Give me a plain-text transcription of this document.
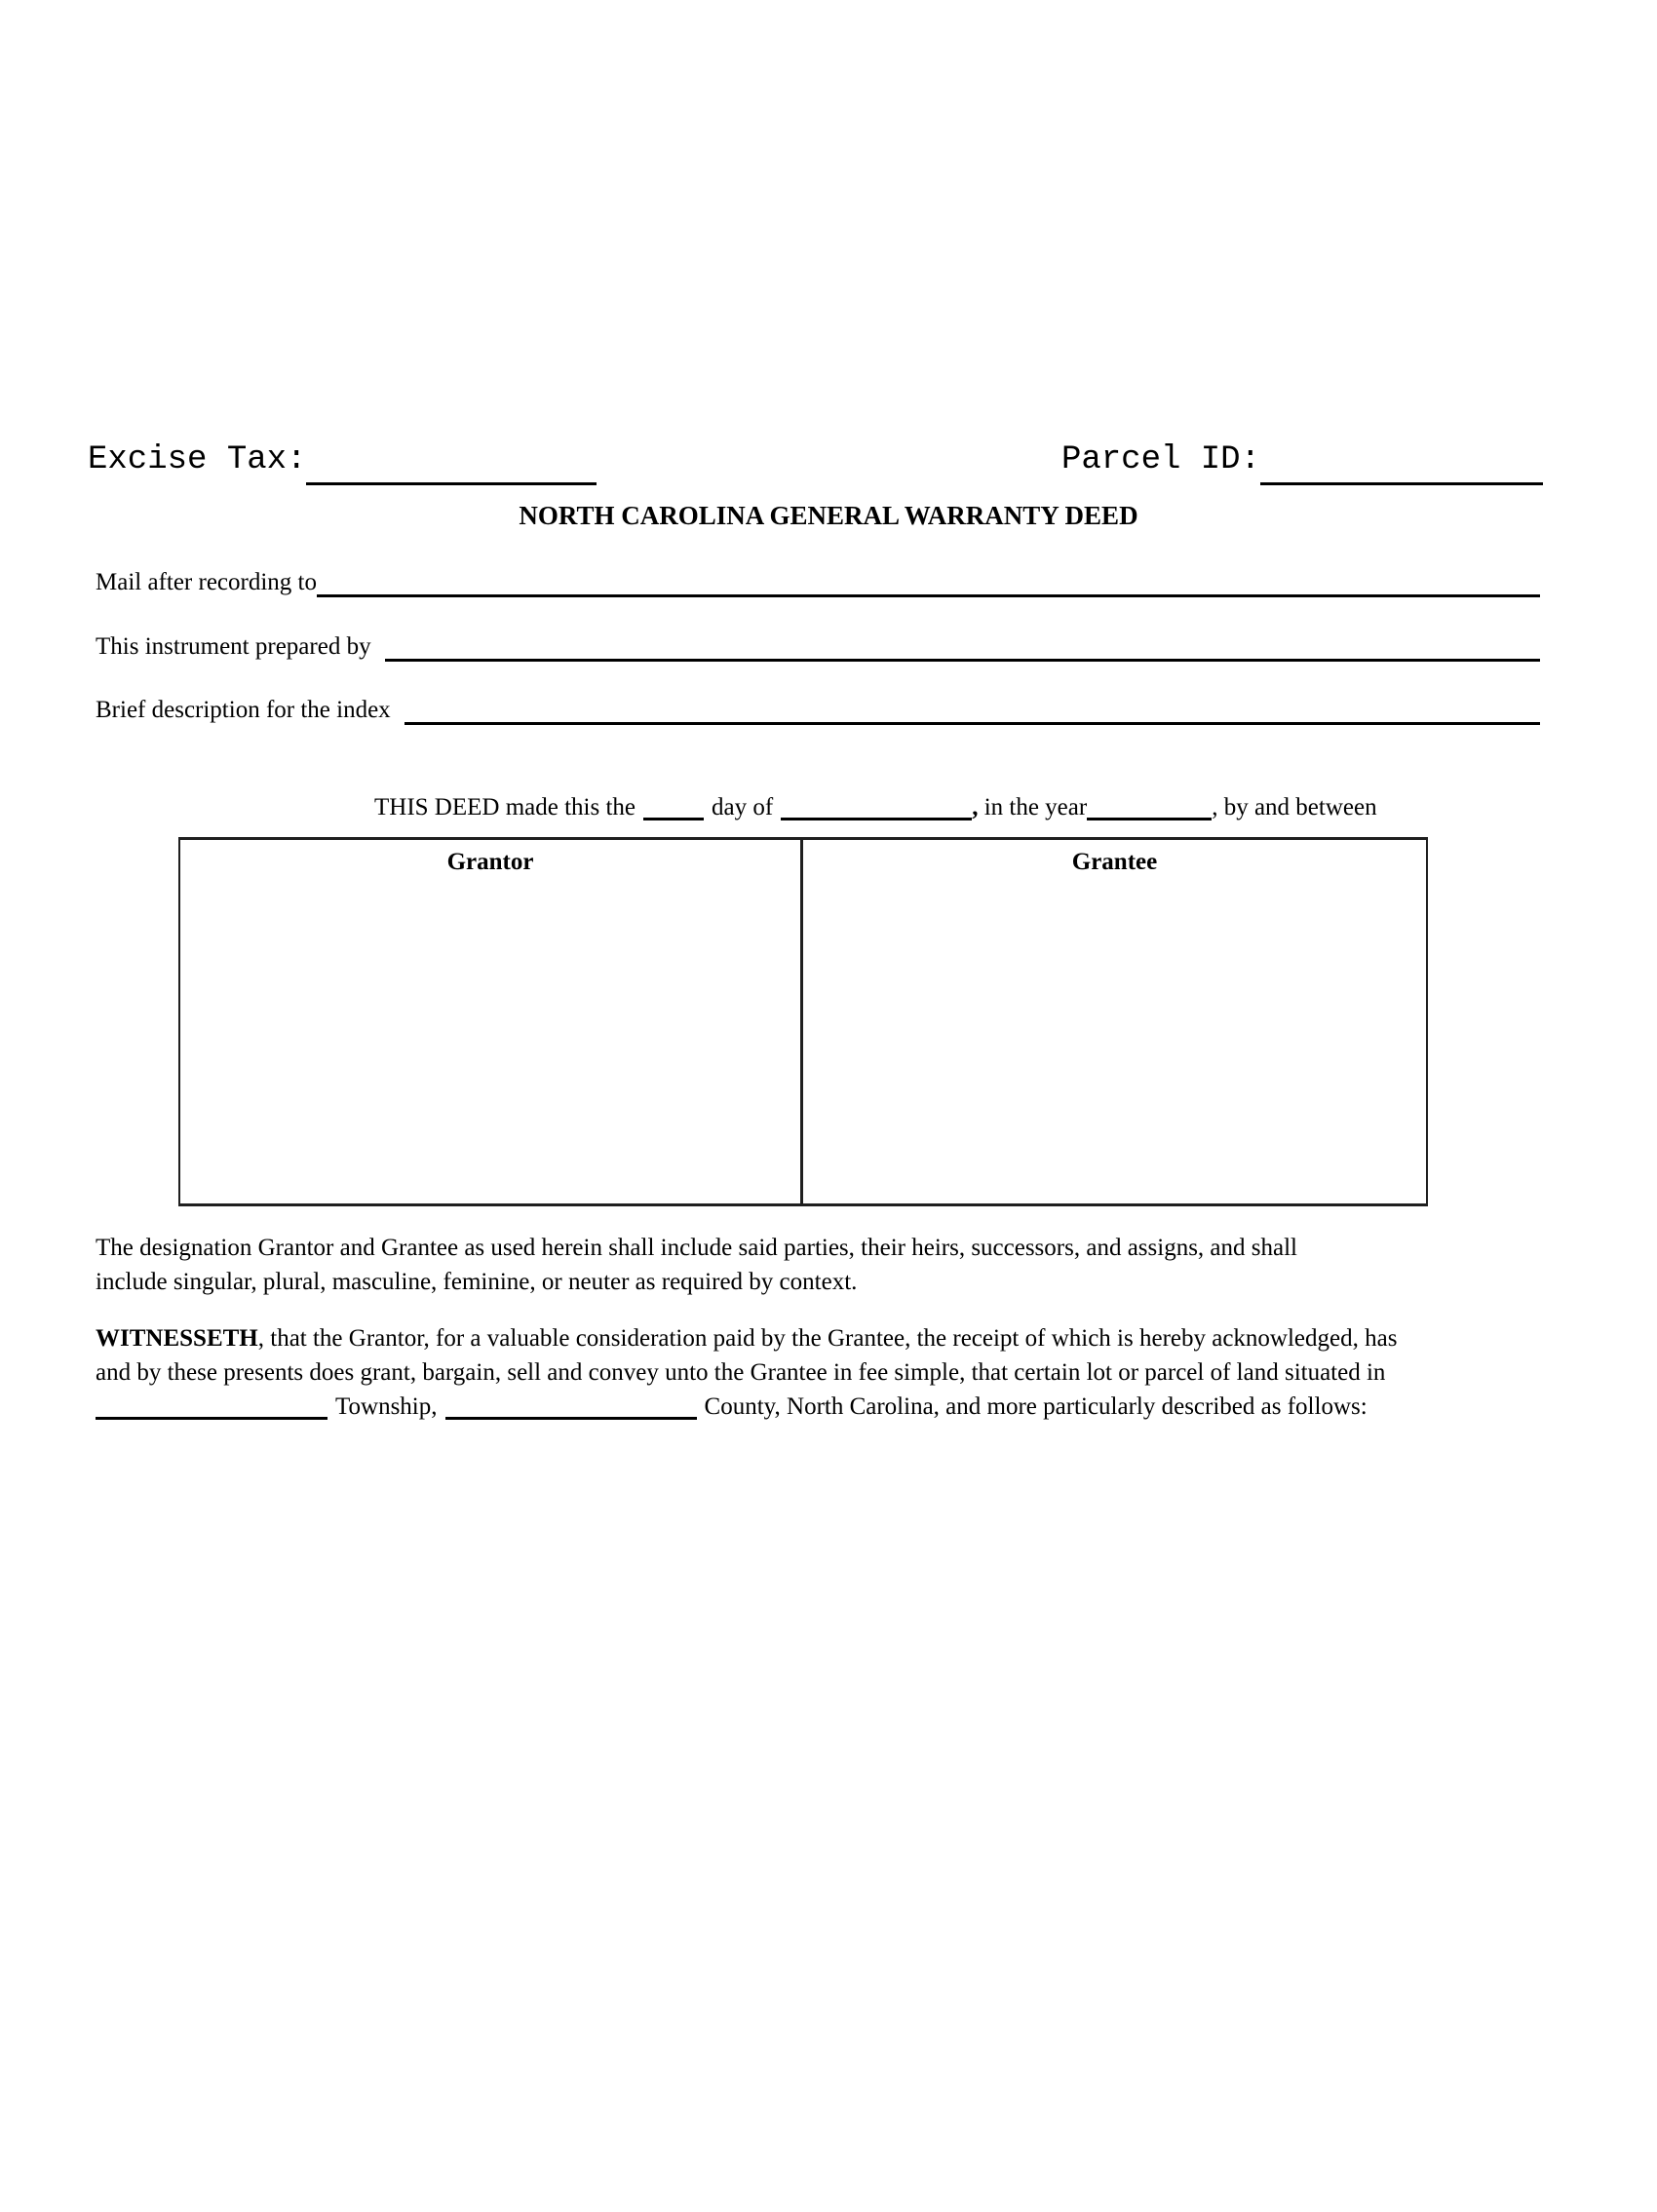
Excise Tax:	Parcel ID:
NORTH CAROLINA GENERAL WARRANTY DEED
Mail after recording to
This instrument prepared by
Brief description for the index
THIS DEED made this the	day of	, in the year	, by and between
Grantor	Grantee
The designation Grantor and Grantee as used herein shall include said parties, their heirs, successors, and assigns, and shall
include singular, plural, masculine, feminine, or neuter as required by context.
WITNESSETH, that the Grantor, for a valuable consideration paid by the Grantee, the receipt of which is hereby acknowledged, has
and by these presents does grant, bargain, sell and convey unto the Grantee in fee simple, that certain lot or parcel of land situated in
Township,	County, North Carolina, and more particularly described as follows:
